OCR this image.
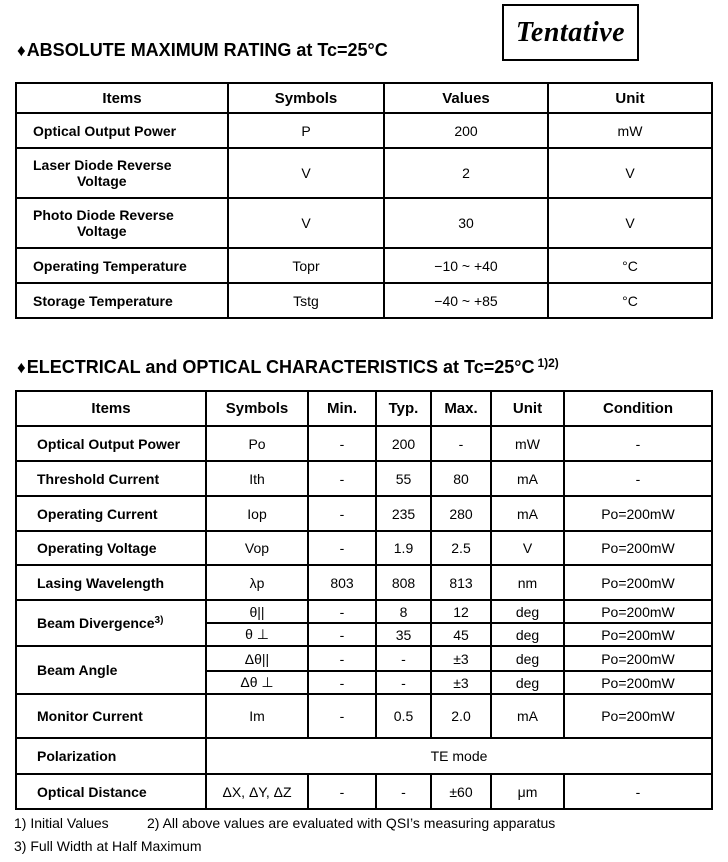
Tentative
♦ABSOLUTE MAXIMUM RATING at Tc=25°C
Items	Symbols	Values	Unit
Optical Output Power	P	200	mW

Laser Diode Reverse
Voltage	V	2	V

Photo Diode Reverse
Voltage	V	30	V
Operating Temperature	Topr	−10 ~ +40	°C
Storage Temperature	Tstg	−40 ~ +85	°C
♦ELECTRICAL and OPTICAL CHARACTERISTICS at Tc=25°C $^{1)2)}$
Items	Symbols	Min.	Typ.	Max.	Unit	Condition
Optical Output Power	Po	-	200	-	mW	-
Threshold Current	Ith	-	55	80	mA	-
Operating Current	Iop	-	235	280	mA	Po=200mW
Operating Voltage	Vop	-	1.9	2.5	V	Po=200mW
Lasing Wavelength	λp	803	808	813	nm	Po=200mW
Beam Divergence$^{3)}$	θ||	-	8	12	deg	Po=200mW
	θ ⊥	-	35	45	deg	Po=200mW
Beam Angle	Δθ||	-	-	±3	deg	Po=200mW
	Δθ ⊥	-	-	±3	deg	Po=200mW
Monitor Current	Im	-	0.5	2.0	mA	Po=200mW
Polarization	TE mode					
Optical Distance	ΔX, ΔY, ΔZ	-	-	±60	μm	-
1) Initial Values	2) All above values are evaluated with QSI’s measuring apparatus
3) Full Width at Half Maximum
